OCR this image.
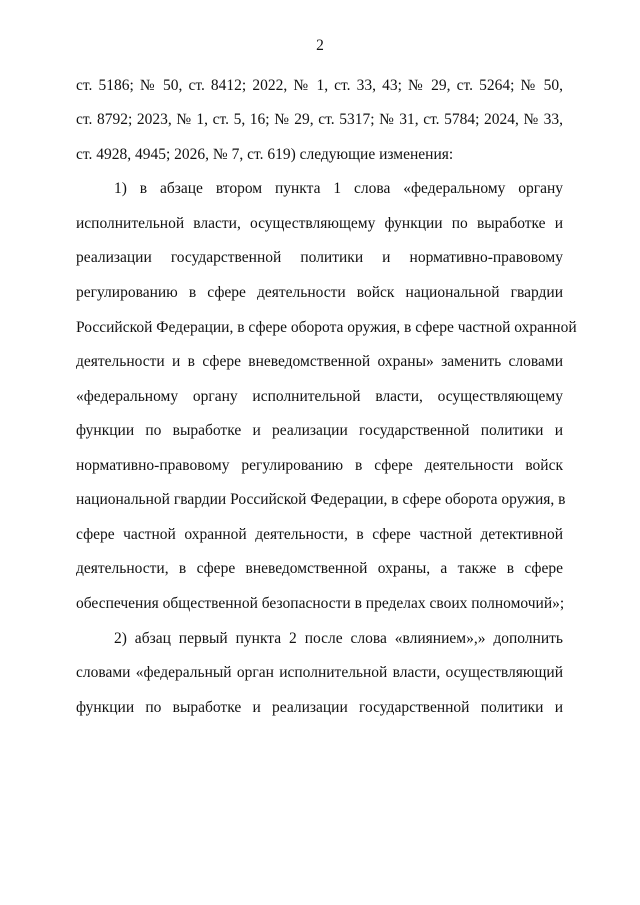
2
ст. 5186; № 50, ст. 8412; 2022, № 1, ст. 33, 43; № 29, ст. 5264; № 50,
ст. 8792; 2023, № 1, ст. 5, 16; № 29, ст. 5317; № 31, ст. 5784; 2024, № 33,
ст. 4928, 4945; 2026, № 7, ст. 619) следующие изменения:
1) в абзаце втором пункта 1 слова «федеральному органу
исполнительной власти, осуществляющему функции по выработке и
реализации государственной политики и нормативно-правовому
регулированию в сфере деятельности войск национальной гвардии
Российской Федерации, в сфере оборота оружия, в сфере частной охранной
деятельности и в сфере вневедомственной охраны» заменить словами
«федеральному органу исполнительной власти, осуществляющему
функции по выработке и реализации государственной политики и
нормативно-правовому регулированию в сфере деятельности войск
национальной гвардии Российской Федерации, в сфере оборота оружия, в
сфере частной охранной деятельности, в сфере частной детективной
деятельности, в сфере вневедомственной охраны, а также в сфере
обеспечения общественной безопасности в пределах своих полномочий»;
2) абзац первый пункта 2 после слова «влиянием»,» дополнить
словами «федеральный орган исполнительной власти, осуществляющий
функции по выработке и реализации государственной политики и
